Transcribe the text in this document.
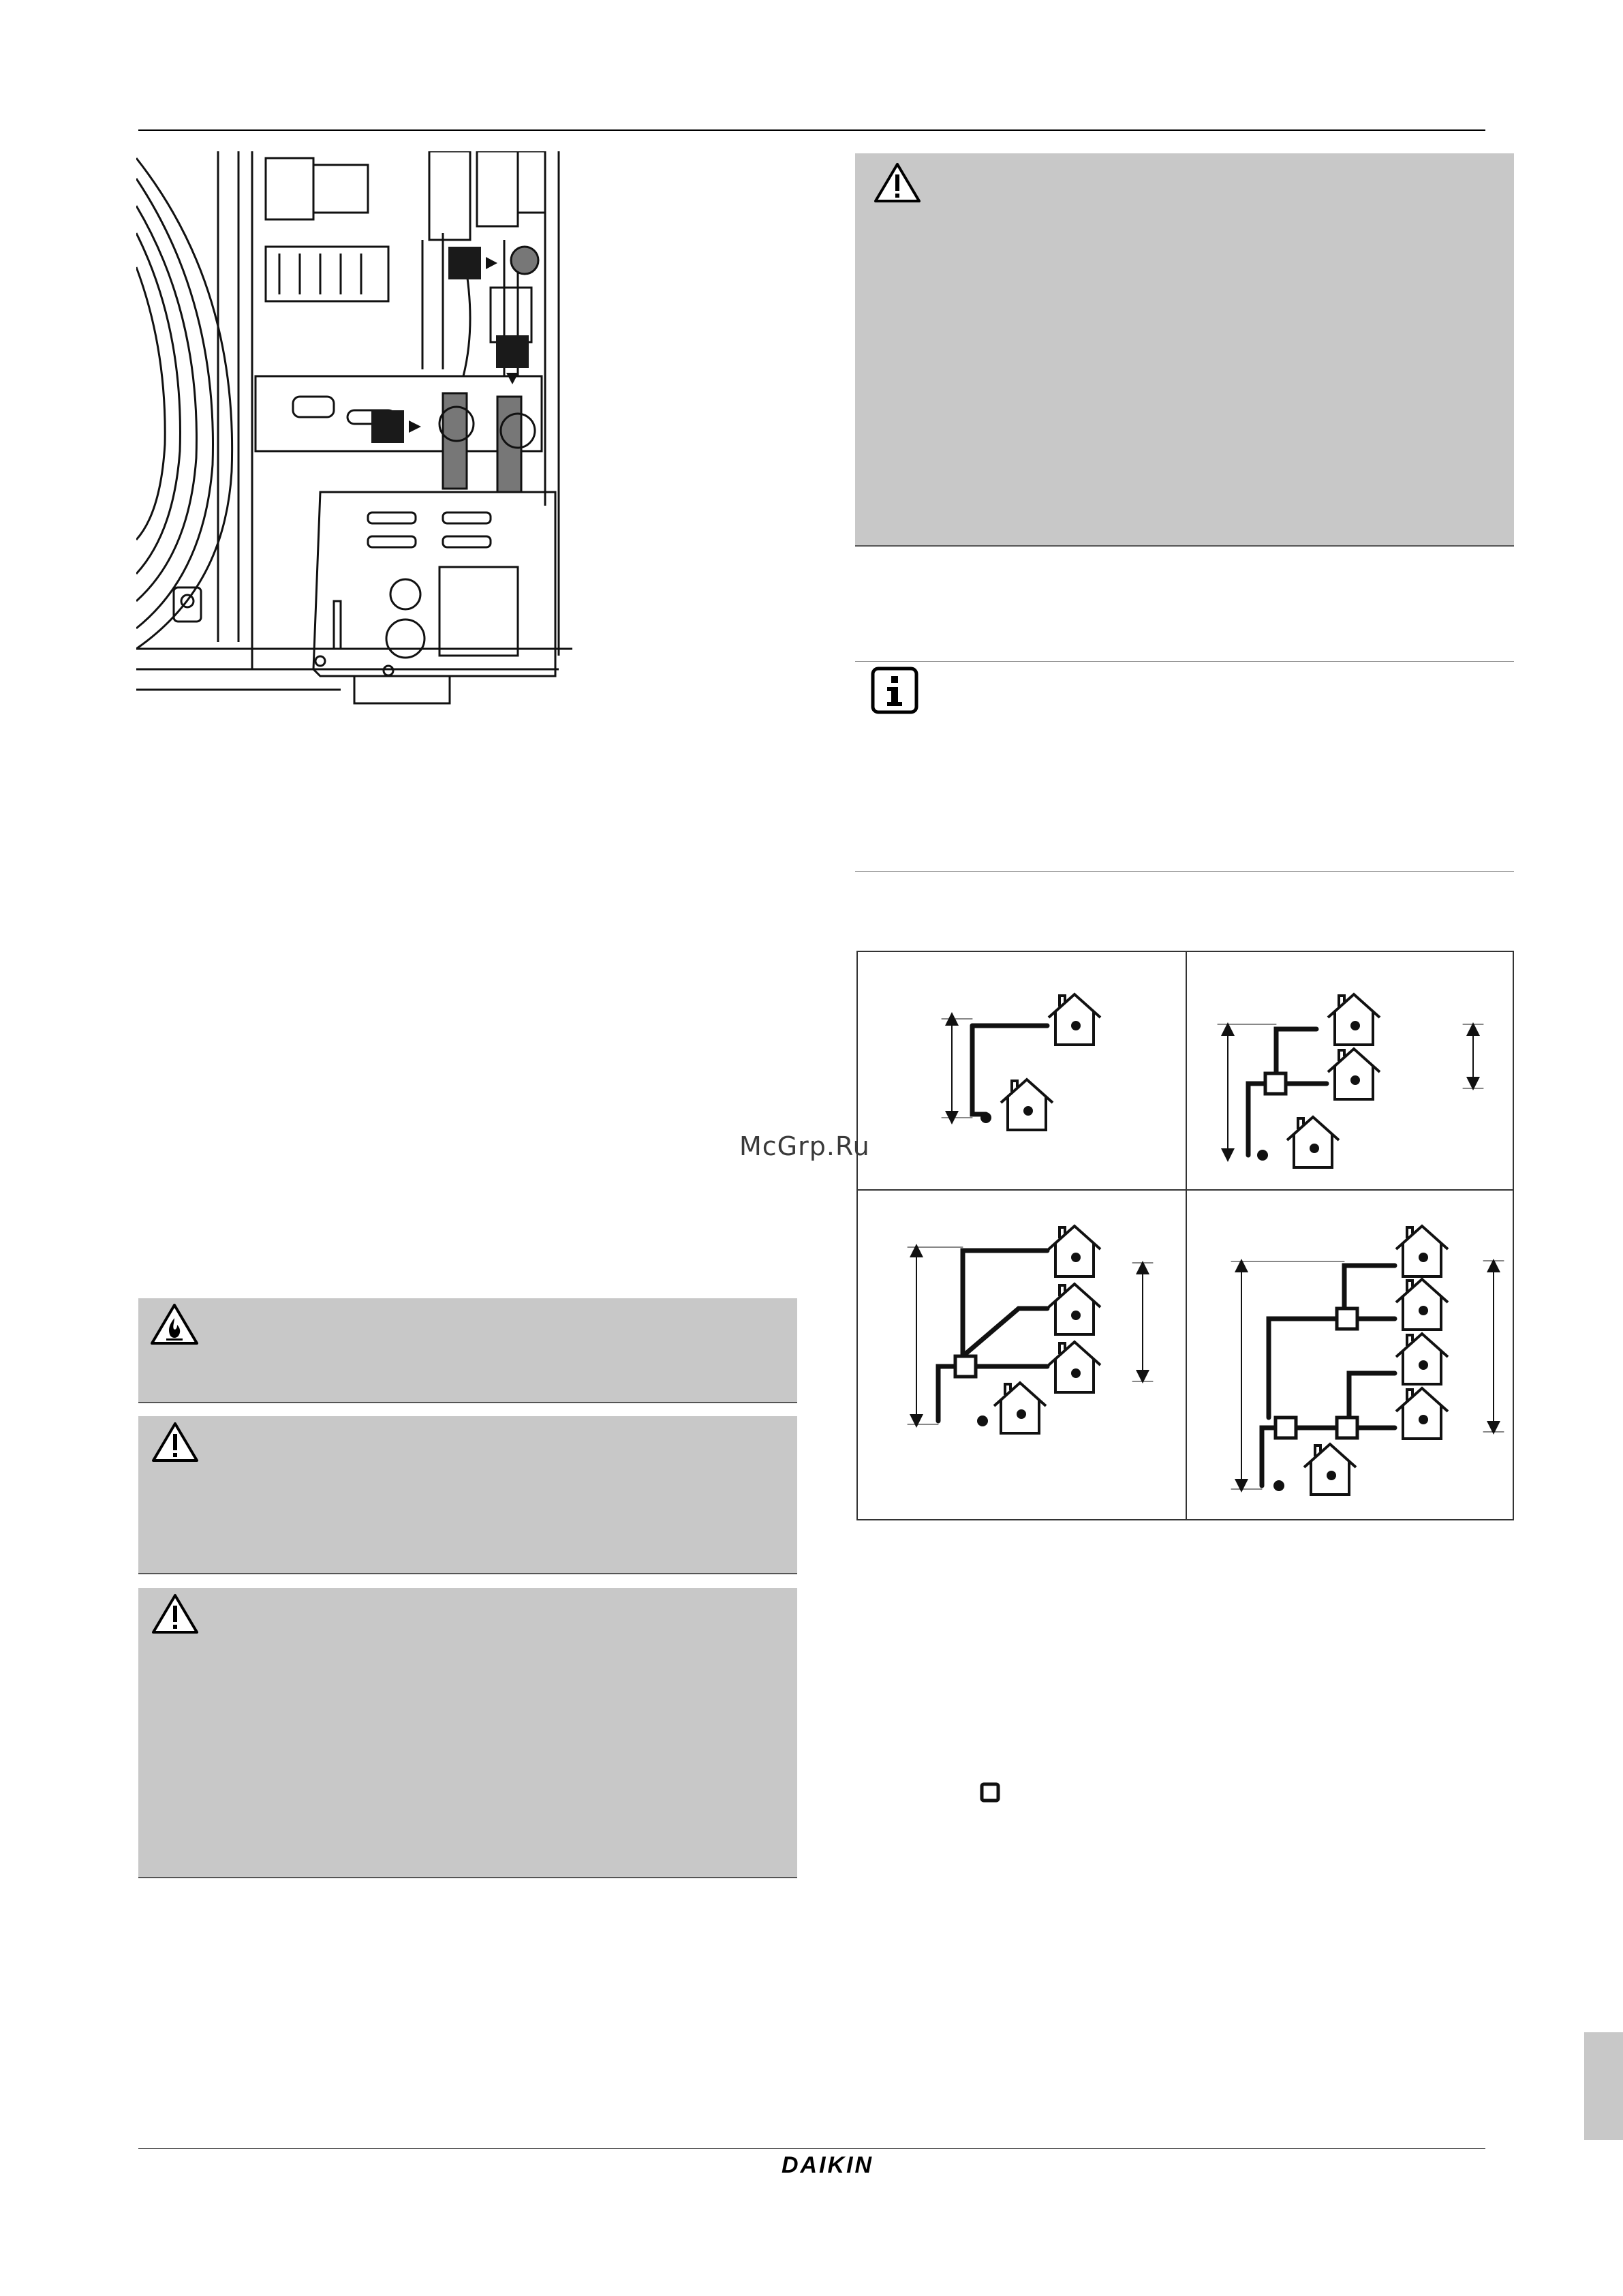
McGrp.Ru
DAIKIN
